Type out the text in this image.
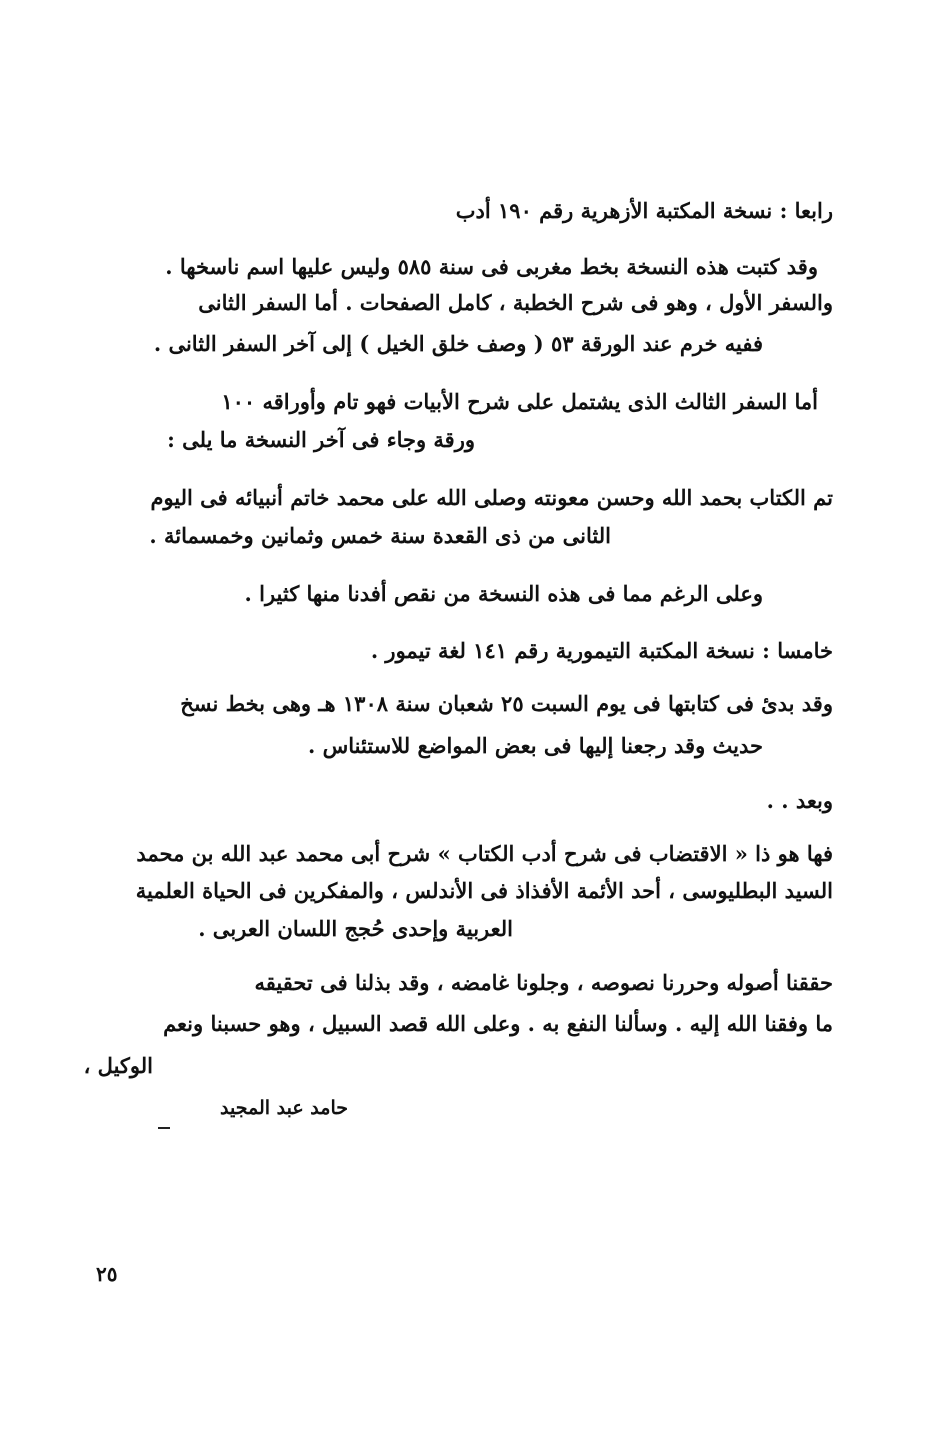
رابعا : نسخة المكتبة الأزهرية رقم ١٩٠ أدب
وقد كتبت هذه النسخة بخط مغربى فى سنة ٥٨٥ وليس عليها اسم ناسخها .
والسفر الأول ، وهو فى شرح الخطبة ، كامل الصفحات . أما السفر الثانى
ففيه خرم عند الورقة ٥٣ ( وصف خلق الخيل ) إلى آخر السفر الثانى .
أما السفر الثالث الذى يشتمل على شرح الأبيات فهو تام وأوراقه ١٠٠
ورقة وجاء فى آخر النسخة ما يلى :
تم الكتاب بحمد الله وحسن معونته وصلى الله على محمد خاتم أنبيائه فى اليوم
الثانى من ذى القعدة سنة خمس وثمانين وخمسمائة .
وعلى الرغم مما فى هذه النسخة من نقص أفدنا منها كثيرا .
خامسا : نسخة المكتبة التيمورية رقم ١٤١ لغة تيمور .
وقد بدئ فى كتابتها فى يوم السبت ٢٥ شعبان سنة ١٣٠٨ هـ وهى بخط نسخ
حديث وقد رجعنا إليها فى بعض المواضع للاستئناس .
وبعد . .
فها هو ذا « الاقتضاب فى شرح أدب الكتاب » شرح أبى محمد عبد الله بن محمد
السيد البطليوسى ، أحد الأئمة الأفذاذ فى الأندلس ، والمفكرين فى الحياة العلمية
العربية وإحدى حُجج اللسان العربى .
حققنا أصوله وحررنا نصوصه ، وجلونا غامضه ، وقد بذلنا فى تحقيقه
ما وفقنا الله إليه . وسألنا النفع به . وعلى الله قصد السبيل ، وهو حسبنا ونعم
الوكيل ،
حامد عبد المجيد
٢٥
